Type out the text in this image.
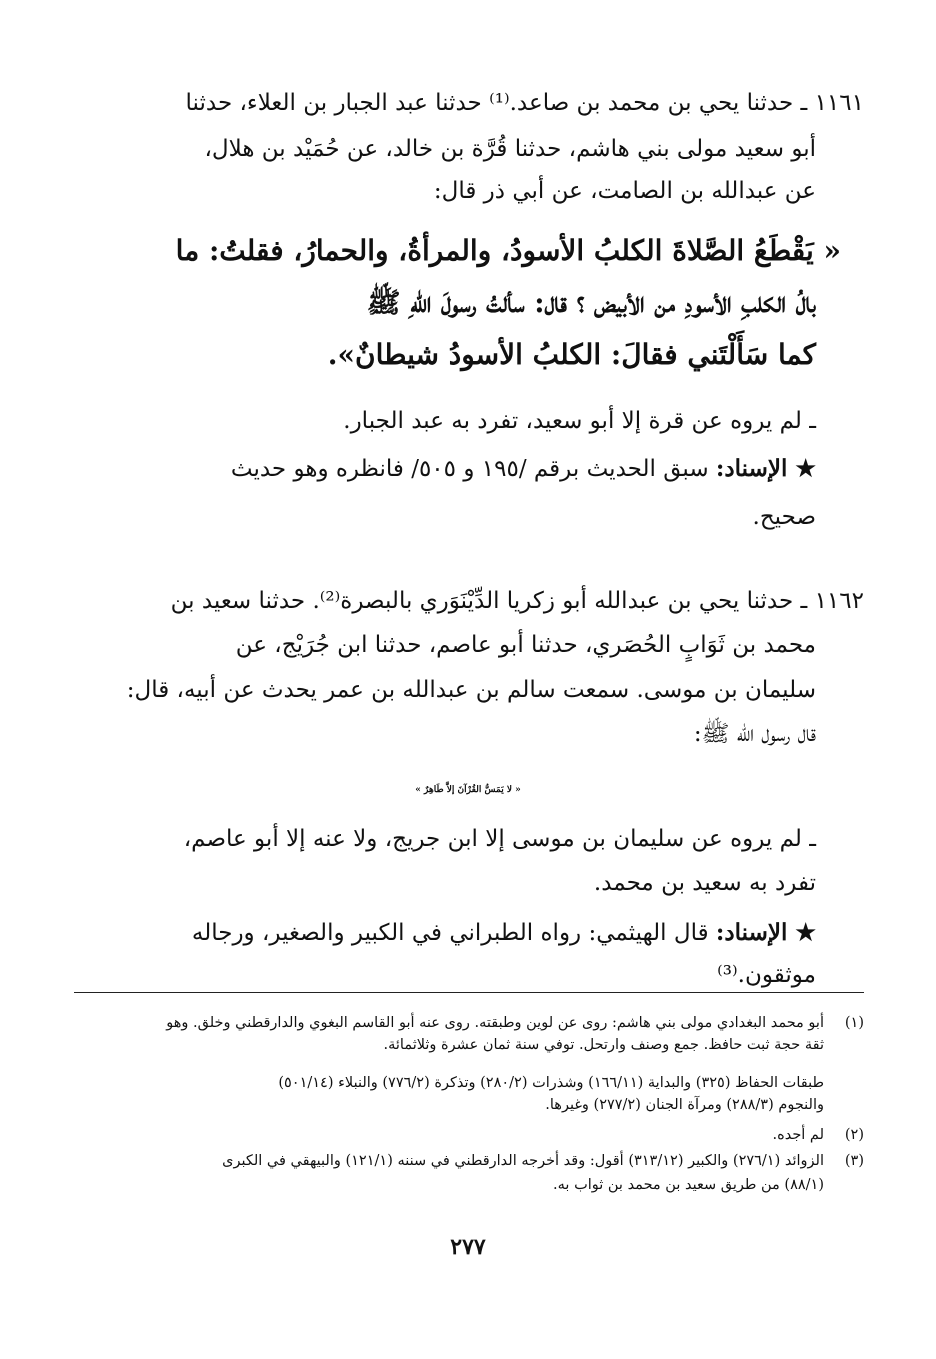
١١٦١ ـ حدثنا يحي بن محمد بن صاعد.⁽¹⁾ حدثنا عبد الجبار بن العلاء، حدثنا
أبو سعيد مولى بني هاشم، حدثنا قُرَّة بن خالد، عن حُمَيْد بن هلال،
عن عبدالله بن الصامت، عن أبي ذر قال:
« يَقْطَعُ الصَّلاةَ الكلبُ الأسودُ، والمرأةُ، والحمارُ، فقلتُ: ما
بالُ الكلبِ الأسودِ من الأبيض ؟ قال: سألتُ رسولَ اللهِ ﷺ
كما سَأَلْتَني فقالَ: الكلبُ الأسودُ شيطانٌ».
ـ لم يروه عن قرة إلا أبو سعيد، تفرد به عبد الجبار.
★ الإسناد: سبق الحديث برقم /١٩٥ و ٥٠٥/ فانظره وهو حديث
صحيح.
١١٦٢ ـ حدثنا يحي بن عبدالله أبو زكريا الدِّيْنَوَري بالبصرة⁽²⁾. حدثنا سعيد بن
محمد بن ثَوَابٍ الحُصَري، حدثنا أبو عاصم، حدثنا ابن جُرَيْج، عن
سليمان بن موسى. سمعت سالم بن عبدالله بن عمر يحدث عن أبيه، قال:
قال رسول الله ﷺ:
« لا يَمَسُّ القُرْآنَ إلاَّ طَاهِرٌ »
ـ لم يروه عن سليمان بن موسى إلا ابن جريج، ولا عنه إلا أبو عاصم،
تفرد به سعيد بن محمد.
★ الإسناد: قال الهيثمي: رواه الطبراني في الكبير والصغير، ورجاله
موثقون.⁽³⁾
(١)أبو محمد البغدادي مولى بني هاشم: روى عن لوين وطبقته. روى عنه أبو القاسم البغوي والدارقطني وخلق. وهو
ثقة حجة ثبت حافظ. جمع وصنف وارتحل. توفي سنة ثمان عشرة وثلاثمائة.
طبقات الحفاظ (٣٢٥) والبداية (١٦٦/١١) وشذرات (٢٨٠/٢) وتذكرة (٧٧٦/٢) والنبلاء (٥٠١/١٤)
والنجوم (٢٨٨/٣) ومرآة الجنان (٢٧٧/٢) وغيرها.
(٢)لم أجده.
(٣)الزوائد (٢٧٦/١) والكبير (٣١٣/١٢) أقول: وقد أخرجه الدارقطني في سننه (١٢١/١) والبيهقي في الكبرى
(٨٨/١) من طريق سعيد بن محمد بن ثواب به.
٢٧٧
